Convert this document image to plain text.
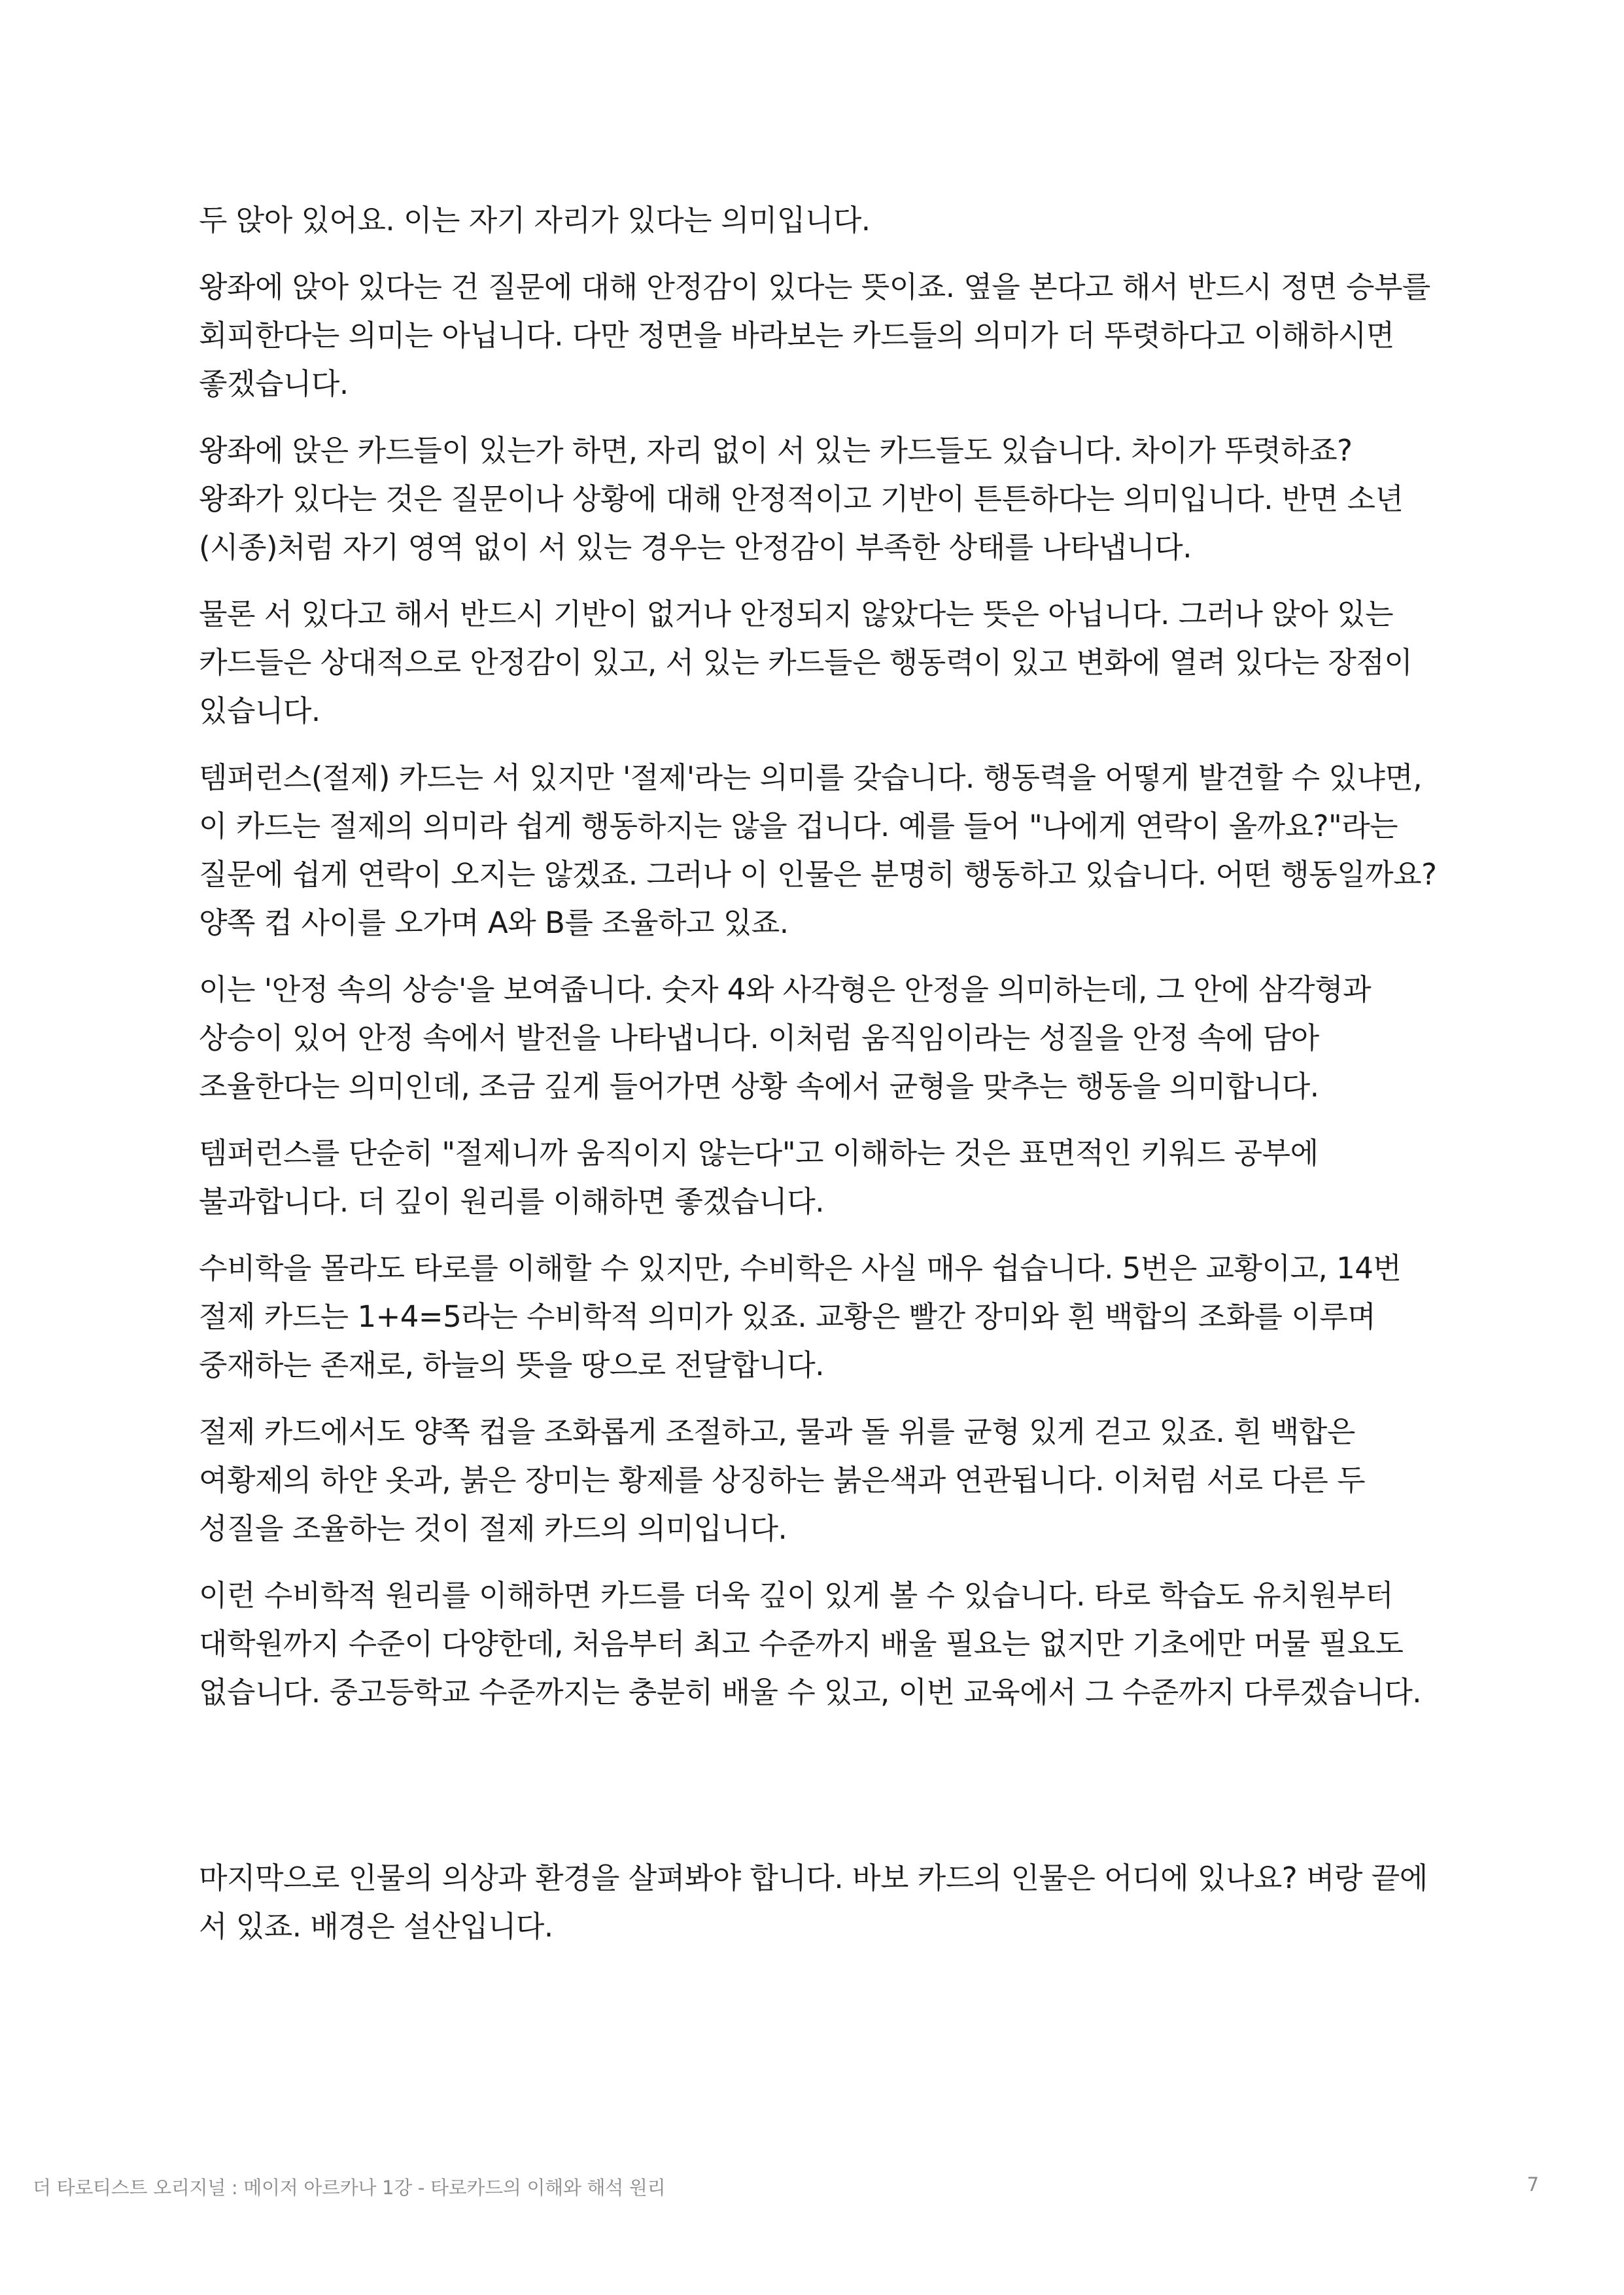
두 앉아 있어요. 이는 자기 자리가 있다는 의미입니다.

왕좌에 앉아 있다는 건 질문에 대해 안정감이 있다는 뜻이죠. 옆을 본다고 해서 반드시 정면 승부를 회피한다는 의미는 아닙니다. 다만 정면을 바라보는 카드들의 의미가 더 뚜렷하다고 이해하시면 좋겠습니다.

왕좌에 앉은 카드들이 있는가 하면, 자리 없이 서 있는 카드들도 있습니다. 차이가 뚜렷하죠? 왕좌가 있다는 것은 질문이나 상황에 대해 안정적이고 기반이 튼튼하다는 의미입니다. 반면 소년(시종)처럼 자기 영역 없이 서 있는 경우는 안정감이 부족한 상태를 나타냅니다.

물론 서 있다고 해서 반드시 기반이 없거나 안정되지 않았다는 뜻은 아닙니다. 그러나 앉아 있는 카드들은 상대적으로 안정감이 있고, 서 있는 카드들은 행동력이 있고 변화에 열려 있다는 장점이 있습니다.

템퍼런스(절제) 카드는 서 있지만 '절제'라는 의미를 갖습니다. 행동력을 어떻게 발견할 수 있냐면, 이 카드는 절제의 의미라 쉽게 행동하지는 않을 겁니다. 예를 들어 "나에게 연락이 올까요?"라는 질문에 쉽게 연락이 오지는 않겠죠. 그러나 이 인물은 분명히 행동하고 있습니다. 어떤 행동일까요? 양쪽 컵 사이를 오가며 A와 B를 조율하고 있죠.

이는 '안정 속의 상승'을 보여줍니다. 숫자 4와 사각형은 안정을 의미하는데, 그 안에 삼각형과 상승이 있어 안정 속에서 발전을 나타냅니다. 이처럼 움직임이라는 성질을 안정 속에 담아 조율한다는 의미인데, 조금 깊게 들어가면 상황 속에서 균형을 맞추는 행동을 의미합니다.

템퍼런스를 단순히 "절제니까 움직이지 않는다"고 이해하는 것은 표면적인 키워드 공부에 불과합니다. 더 깊이 원리를 이해하면 좋겠습니다.

수비학을 몰라도 타로를 이해할 수 있지만, 수비학은 사실 매우 쉽습니다. 5번은 교황이고, 14번 절제 카드는 1+4=5라는 수비학적 의미가 있죠. 교황은 빨간 장미와 흰 백합의 조화를 이루며 중재하는 존재로, 하늘의 뜻을 땅으로 전달합니다.

절제 카드에서도 양쪽 컵을 조화롭게 조절하고, 물과 돌 위를 균형 있게 걷고 있죠. 흰 백합은 여황제의 하얀 옷과, 붉은 장미는 황제를 상징하는 붉은색과 연관됩니다. 이처럼 서로 다른 두 성질을 조율하는 것이 절제 카드의 의미입니다.

이런 수비학적 원리를 이해하면 카드를 더욱 깊이 있게 볼 수 있습니다. 타로 학습도 유치원부터 대학원까지 수준이 다양한데, 처음부터 최고 수준까지 배울 필요는 없지만 기초에만 머물 필요도 없습니다. 중고등학교 수준까지는 충분히 배울 수 있고, 이번 교육에서 그 수준까지 다루겠습니다.

마지막으로 인물의 의상과 환경을 살펴봐야 합니다. 바보 카드의 인물은 어디에 있나요? 벼랑 끝에 서 있죠. 배경은 설산입니다.

더 타로티스트 오리지널 : 메이저 아르카나 1강 - 타로카드의 이해와 해석 원리	7
